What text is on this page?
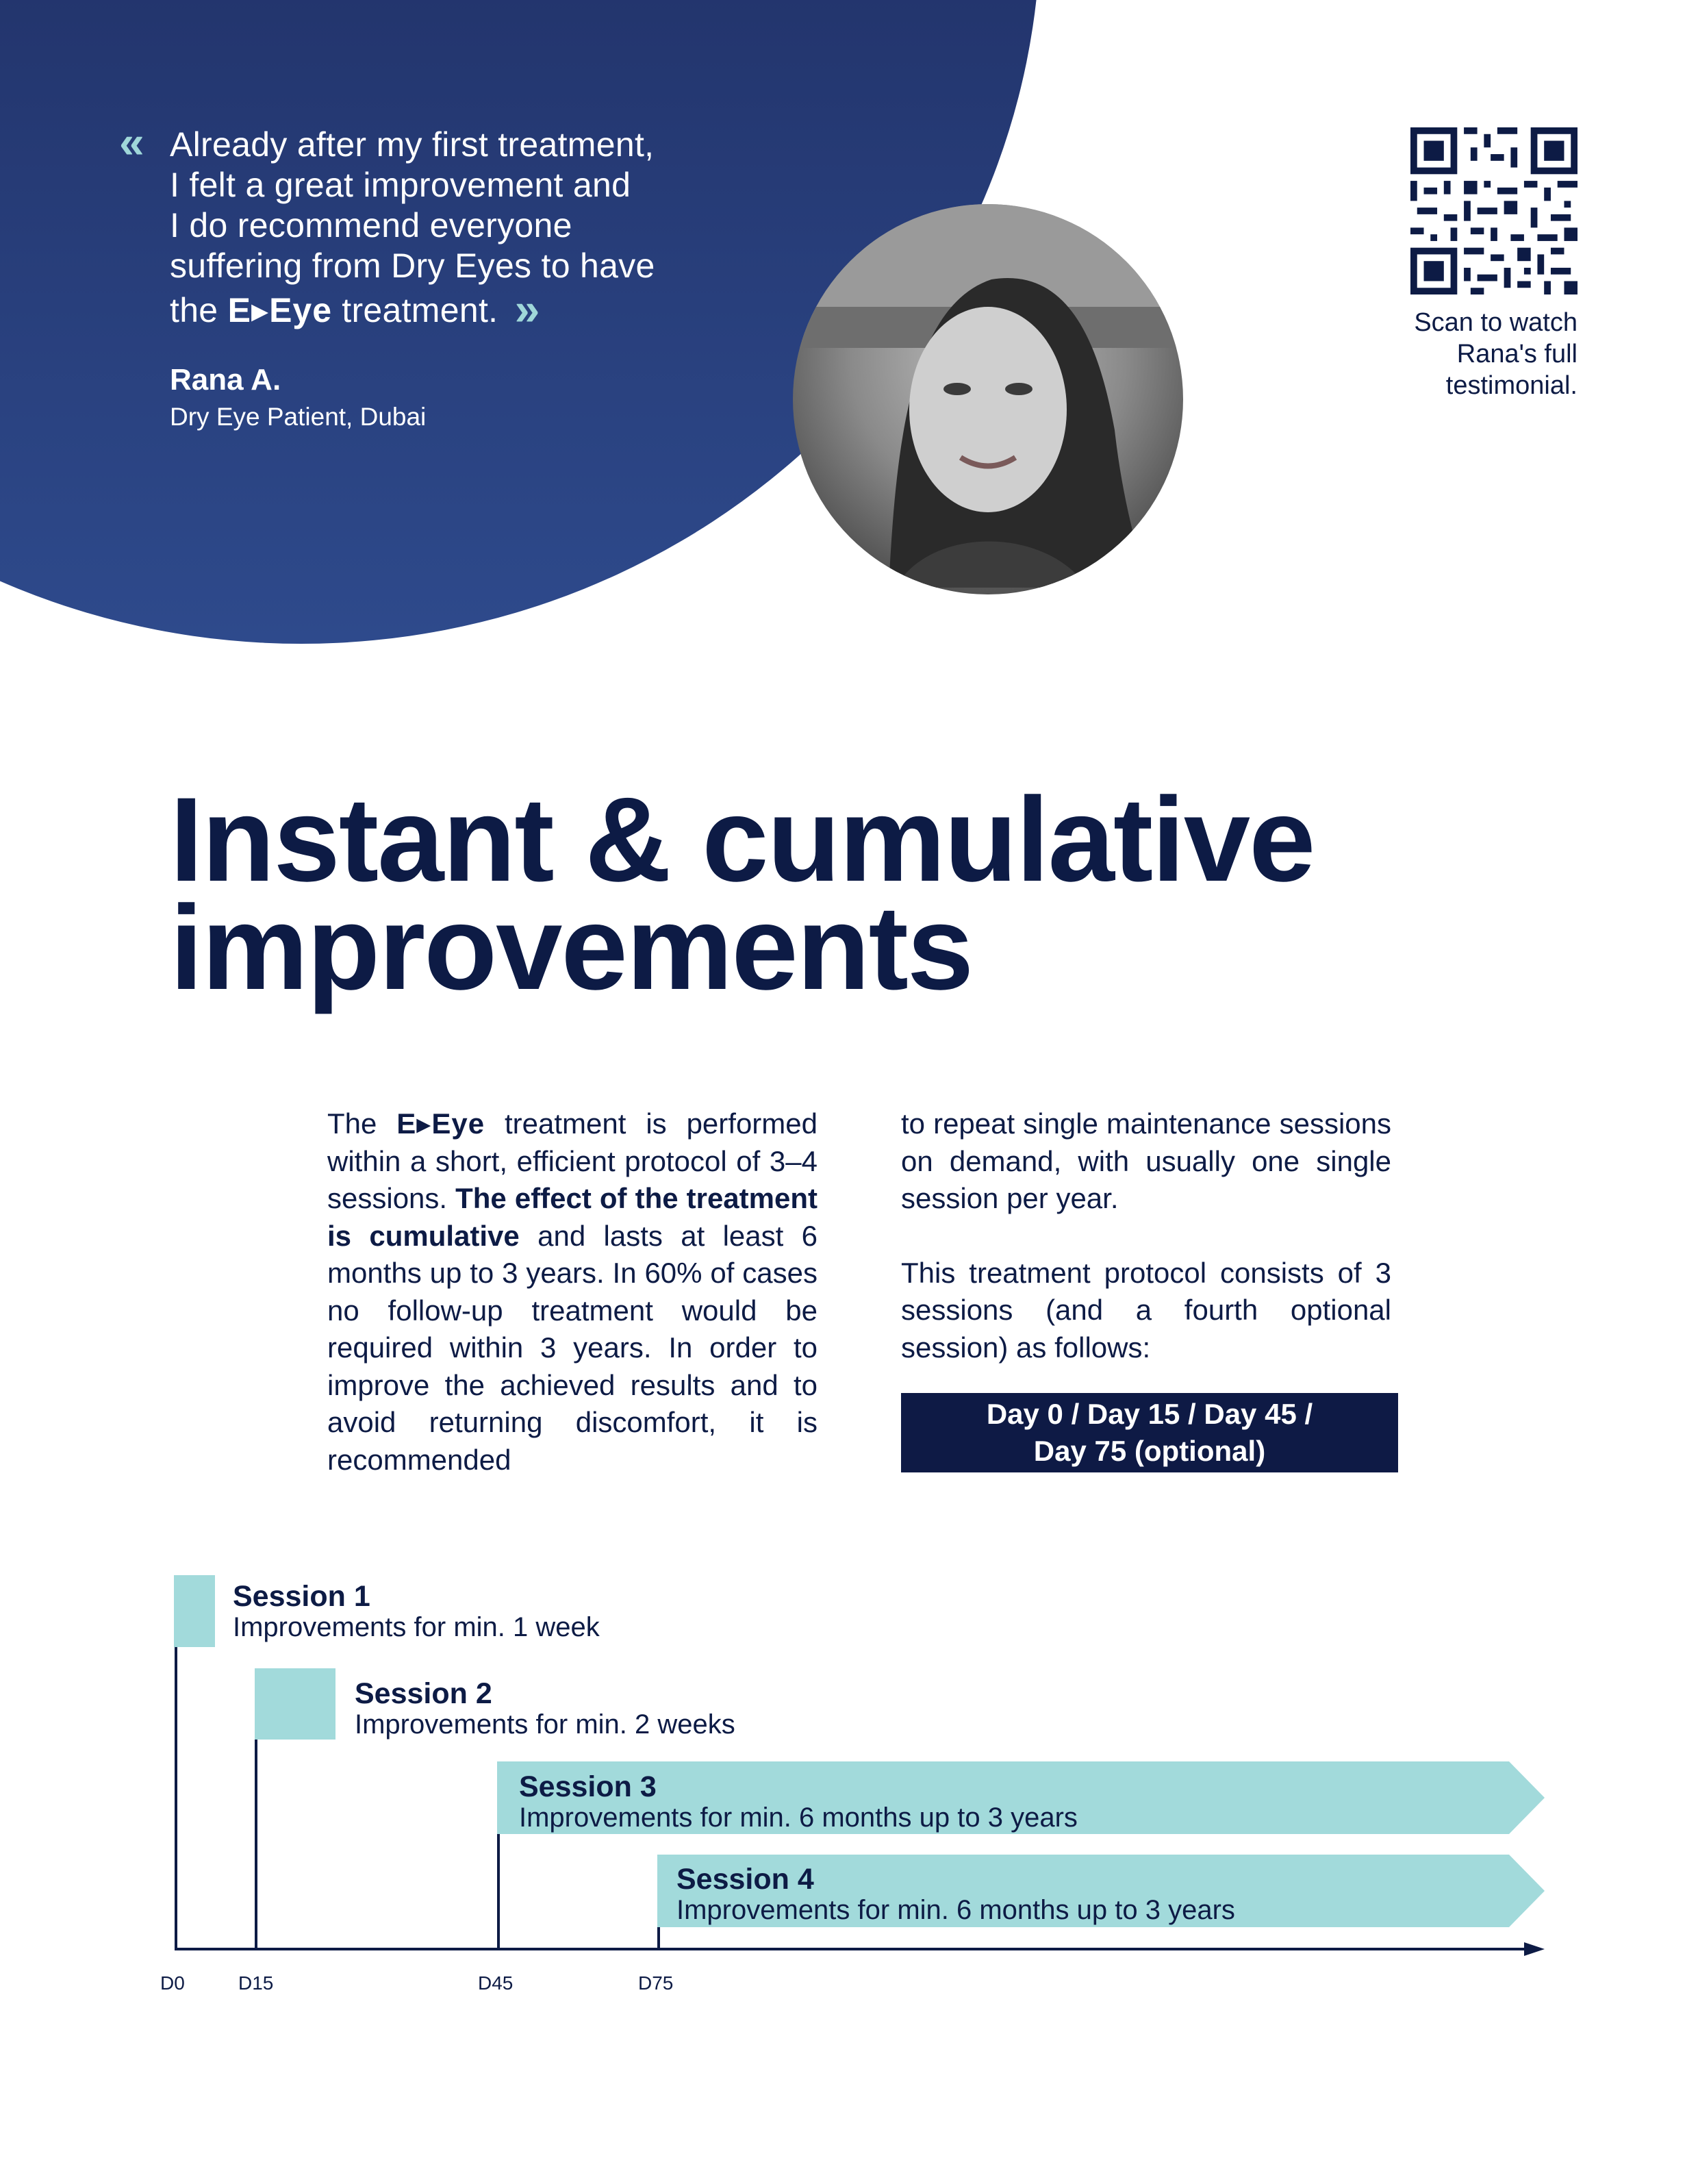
« Already after my first treatment,
I felt a great improvement and
I do recommend everyone
suffering from Dry Eyes to have
the E▸Eye treatment. »
Rana A.
Dry Eye Patient, Dubai
Scan to watch
Rana's full
testimonial.
Instant & cumulative
improvements

The E▸Eye treatment is performed within a short, efficient protocol of 3–4 sessions. The effect of the treatment is cumulative and lasts at least 6 months up to 3 years. In 60% of cases no follow-up treatment would be required within 3 years. In order to improve the achieved results and to avoid returning discomfort, it is recommended

to repeat single maintenance sessions on demand, with usually one single session per year.

This treatment protocol consists of 3 sessions (and a fourth optional session) as follows:

Day 0 / Day 15 / Day 45 /
Day 75 (optional)
Session 1
Improvements for min. 1 week
Session 2
Improvements for min. 2 weeks
Session 3
Improvements for min. 6 months up to 3 years
Session 4
Improvements for min. 6 months up to 3 years
D0	D15	D45	D75
